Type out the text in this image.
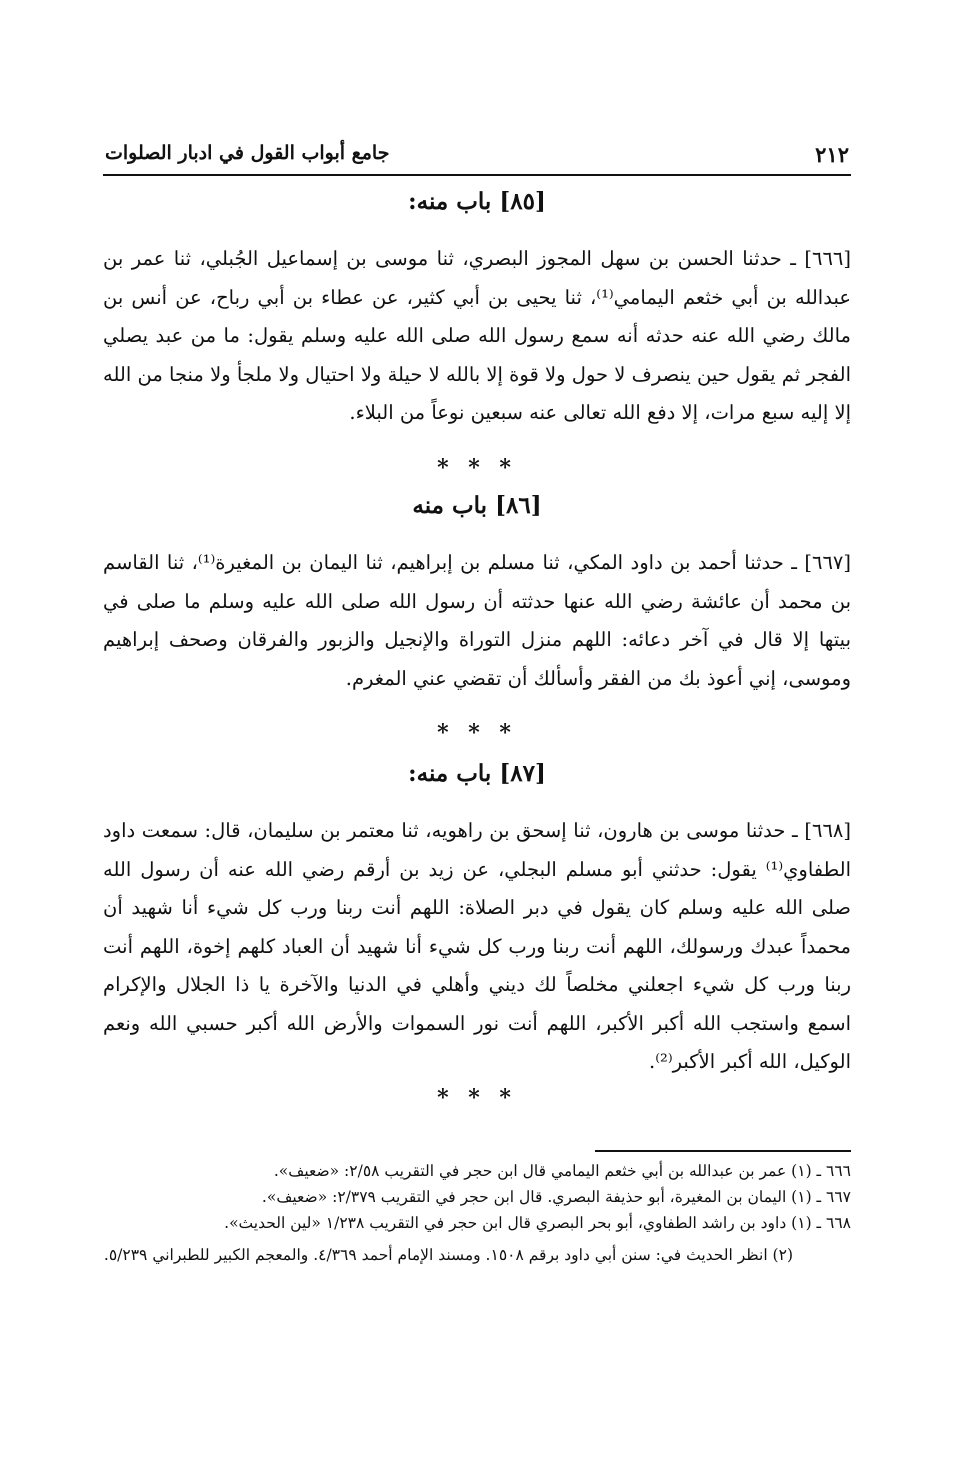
٢١٢
جامع أبواب القول في ادبار الصلوات
[٨٥] باب منه:

[٦٦٦] ـ حدثنا الحسن بن سهل المجوز البصري، ثنا موسى بن إسماعيل الجُبلي، ثنا عمر بن عبدالله بن أبي خثعم اليمامي⁽¹⁾، ثنا يحيى بن أبي كثير، عن عطاء بن أبي رباح، عن أنس بن مالك رضي الله عنه حدثه أنه سمع رسول الله صلى الله عليه وسلم يقول: ما من عبد يصلي الفجر ثم يقول حين ينصرف لا حول ولا قوة إلا بالله لا حيلة ولا احتيال ولا ملجأ ولا منجا من الله إلا إليه سبع مرات، إلا دفع الله تعالى عنه سبعين نوعاً من البلاء.

* * *
[٨٦] باب منه

[٦٦٧] ـ حدثنا أحمد بن داود المكي، ثنا مسلم بن إبراهيم، ثنا اليمان بن المغيرة⁽¹⁾، ثنا القاسم بن محمد أن عائشة رضي الله عنها حدثته أن رسول الله صلى الله عليه وسلم ما صلى في بيتها إلا قال في آخر دعائه: اللهم منزل التوراة والإنجيل والزبور والفرقان وصحف إبراهيم وموسى، إني أعوذ بك من الفقر وأسألك أن تقضي عني المغرم.

* * *
[٨٧] باب منه:

[٦٦٨] ـ حدثنا موسى بن هارون، ثنا إسحق بن راهويه، ثنا معتمر بن سليمان، قال: سمعت داود الطفاوي⁽¹⁾ يقول: حدثني أبو مسلم البجلي، عن زيد بن أرقم رضي الله عنه أن رسول الله صلى الله عليه وسلم كان يقول في دبر الصلاة: اللهم أنت ربنا ورب كل شيء أنا شهيد أن محمداً عبدك ورسولك، اللهم أنت ربنا ورب كل شيء أنا شهيد أن العباد كلهم إخوة، اللهم أنت ربنا ورب كل شيء اجعلني مخلصاً لك ديني وأهلي في الدنيا والآخرة يا ذا الجلال والإكرام اسمع واستجب الله أكبر الأكبر، اللهم أنت نور السموات والأرض الله أكبر حسبي الله ونعم الوكيل، الله أكبر الأكبر⁽²⁾.

* * *
٦٦٦ ـ (١) عمر بن عبدالله بن أبي خثعم اليمامي قال ابن حجر في التقريب ٢/٥٨: «ضعيف».
٦٦٧ ـ (١) اليمان بن المغيرة، أبو حذيفة البصري. قال ابن حجر في التقريب ٢/٣٧٩: «ضعيف».
٦٦٨ ـ (١) داود بن راشد الطفاوي، أبو بحر البصري قال ابن حجر في التقريب ١/٢٣٨ «لين الحديث».
(٢) انظر الحديث في: سنن أبي داود برقم ١٥٠٨. ومسند الإمام أحمد ٤/٣٦٩. والمعجم الكبير للطبراني ٥/٢٣٩.
